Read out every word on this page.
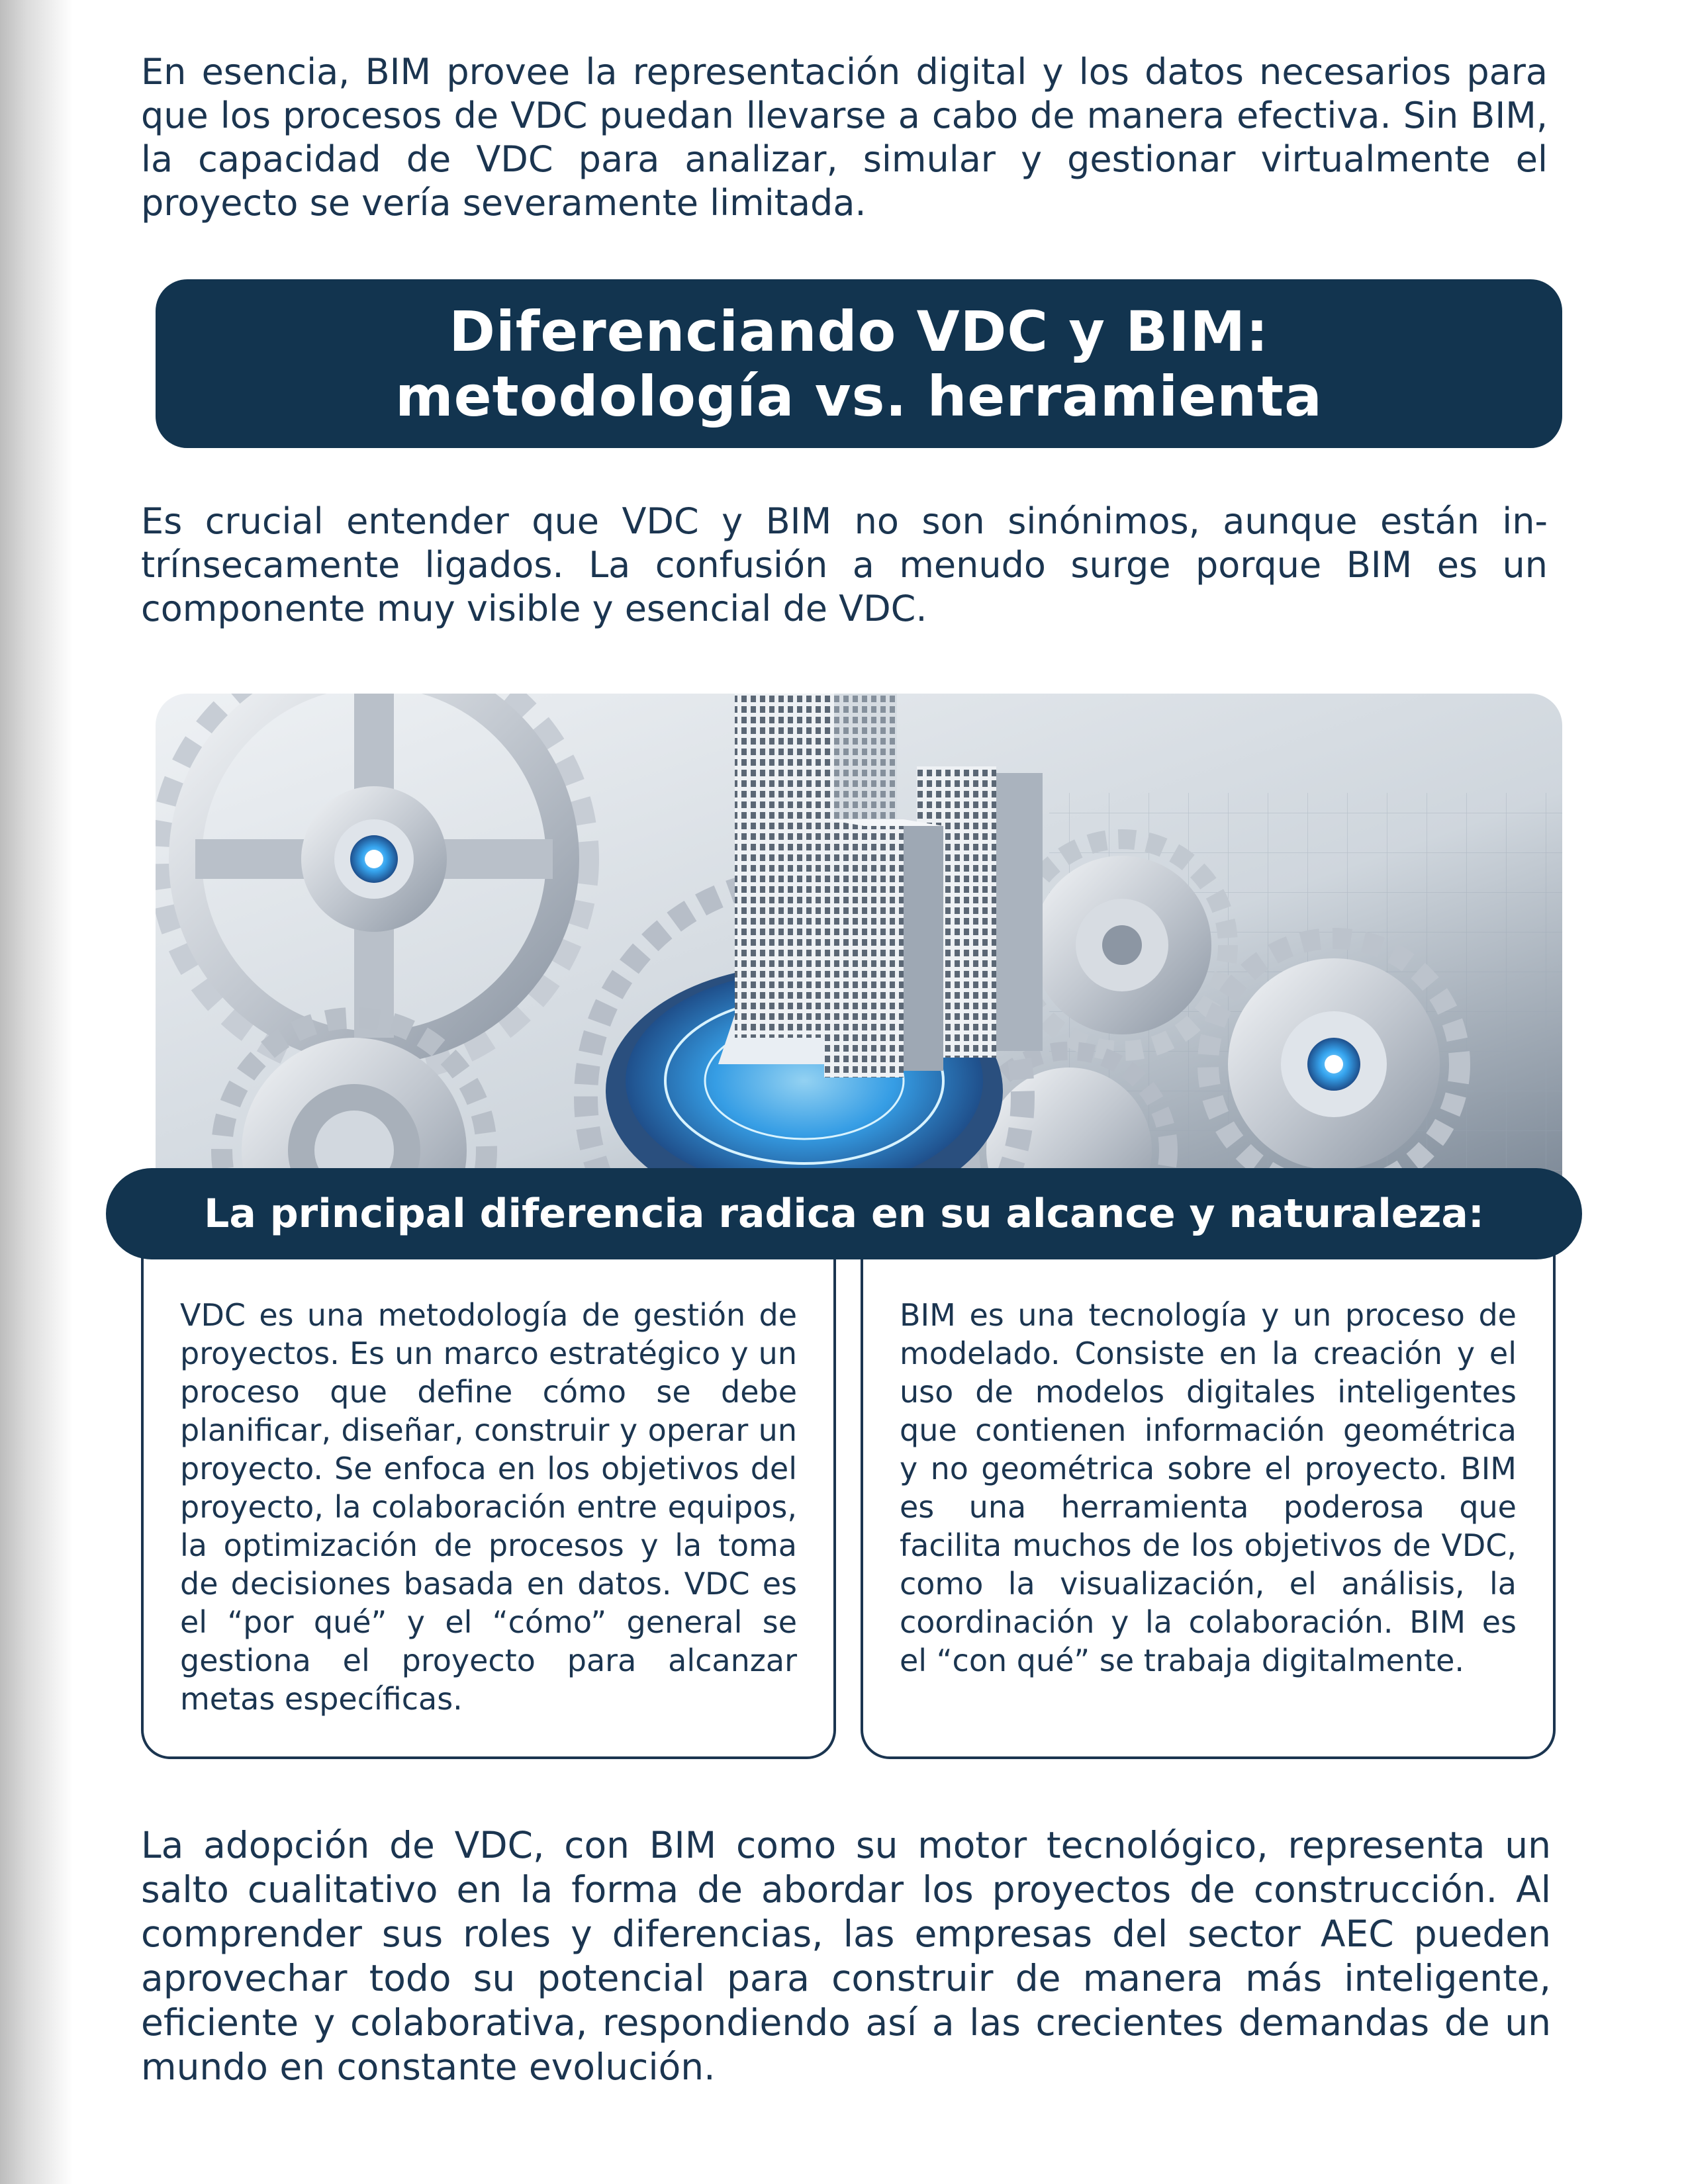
En esencia, BIM provee la representación digital y los datos necesarios para que los procesos de VDC puedan llevarse a cabo de manera efectiva. Sin BIM, la capacidad de VDC para analizar, simular y gestionar virtualmente el proyecto se vería severamente limitada.

Diferenciando VDC y BIM:
metodología vs. herramienta

Es crucial entender que VDC y BIM no son sinónimos, aunque están intrínsecamente ligados. La confusión a menudo surge porque BIM es un componente muy visible y esencial de VDC.

La principal diferencia radica en su alcance y naturaleza:

VDC es una metodología de gestión de proyectos. Es un marco estratégico y un proceso que define cómo se debe planificar, diseñar, construir y operar un proyecto. Se enfoca en los objetivos del proyecto, la colaboración entre equipos, la optimización de procesos y la toma de decisiones basada en datos. VDC es el “por qué” y el “cómo” general se gestiona el proyecto para alcanzar metas específicas.

BIM es una tecnología y un proceso de modelado. Consiste en la creación y el uso de modelos digitales inteligentes que contienen información geométrica y no geométrica sobre el proyecto. BIM es una herramienta poderosa que facilita muchos de los objetivos de VDC, como la visualización, el análisis, la coordinación y la colaboración. BIM es el “con qué” se trabaja digitalmente.

La adopción de VDC, con BIM como su motor tecnológico, representa un salto cualitativo en la forma de abordar los proyectos de construcción. Al comprender sus roles y diferencias, las empresas del sector AEC pueden aprovechar todo su potencial para construir de manera más inteligente, eficiente y colaborativa, respondiendo así a las crecientes demandas de un mundo en constante evolución.
